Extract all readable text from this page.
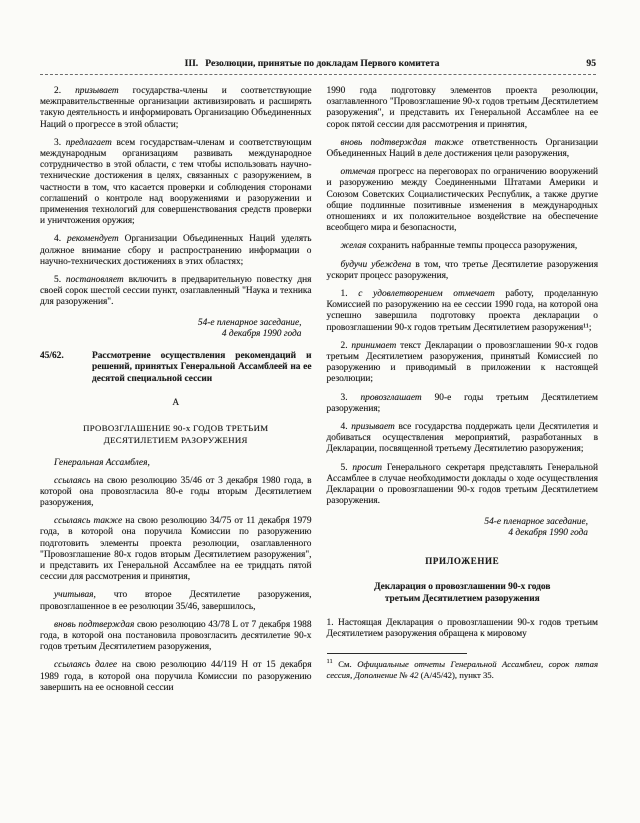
III. Резолюции, принятые по докладам Первого комитета	95

2. призывает государства-члены и соответствующие межправительственные организации активизировать и расширять такую деятельность и информировать Организацию Объединенных Наций о прогрессе в этой области;

3. предлагает всем государствам-членам и соответствующим международным организациям развивать международное сотрудничество в этой области, с тем чтобы использовать научно-технические достижения в целях, связанных с разоружением, в частности в том, что касается проверки и соблюдения сторонами соглашений о контроле над вооружениями и разоружении и применения технологий для совершенствования средств проверки и уничтожения оружия;

4. рекомендует Организации Объединенных Наций уделять должное внимание сбору и распространению информации о научно-технических достижениях в этих областях;

5. постановляет включить в предварительную повестку дня своей сорок шестой сессии пункт, озаглавленный "Наука и техника для разоружения".

54-е пленарное заседание,
4 декабря 1990 года
45/62.	Рассмотрение осуществления рекомендаций и решений, принятых Генеральной Ассамблеей на ее десятой специальной сессии

А

ПРОВОЗГЛАШЕНИЕ 90-х ГОДОВ ТРЕТЬИМ ДЕСЯТИЛЕТИЕМ РАЗОРУЖЕНИЯ

Генеральная Ассамблея,

ссылаясь на свою резолюцию 35/46 от 3 декабря 1980 года, в которой она провозгласила 80-е годы вторым Десятилетием разоружения,

ссылаясь также на свою резолюцию 34/75 от 11 декабря 1979 года, в которой она поручила Комиссии по разоружению подготовить элементы проекта резолюции, озаглавленного "Провозглашение 80-х годов вторым Десятилетием разоружения", и представить их Генеральной Ассамблее на ее тридцать пятой сессии для рассмотрения и принятия,

учитывая, что второе Десятилетие разоружения, провозглашенное в ее резолюции 35/46, завершилось,

вновь подтверждая свою резолюцию 43/78 L от 7 декабря 1988 года, в которой она постановила провозгласить десятилетие 90-х годов третьим Десятилетием разоружения,

ссылаясь далее на свою резолюцию 44/119 H от 15 декабря 1989 года, в которой она поручила Комиссии по разоружению завершить на ее основной сессии

1990 года подготовку элементов проекта резолюции, озаглавленного "Провозглашение 90-х годов третьим Десятилетием разоружения", и представить их Генеральной Ассамблее на ее сорок пятой сессии для рассмотрения и принятия,

вновь подтверждая также ответственность Организации Объединенных Наций в деле достижения цели разоружения,

отмечая прогресс на переговорах по ограничению вооружений и разоружению между Соединенными Штатами Америки и Союзом Советских Социалистических Республик, а также другие общие подлинные позитивные изменения в международных отношениях и их положительное воздействие на обеспечение всеобщего мира и безопасности,

желая сохранить набранные темпы процесса разоружения,

будучи убеждена в том, что третье Десятилетие разоружения ускорит процесс разоружения,

1. с удовлетворением отмечает работу, проделанную Комиссией по разоружению на ее сессии 1990 года, на которой она успешно завершила подготовку проекта декларации о провозглашении 90-х годов третьим Десятилетием разоружения¹¹;

2. принимает текст Декларации о провозглашении 90-х годов третьим Десятилетием разоружения, принятый Комиссией по разоружению и приводимый в приложении к настоящей резолюции;

3. провозглашает 90-е годы третьим Десятилетием разоружения;

4. призывает все государства поддержать цели Десятилетия и добиваться осуществления мероприятий, разработанных в Декларации, посвященной третьему Десятилетию разоружения;

5. просит Генерального секретаря представлять Генеральной Ассамблее в случае необходимости доклады о ходе осуществления Декларации о провозглашении 90-х годов третьим Десятилетием разоружения.

54-е пленарное заседание,
4 декабря 1990 года

ПРИЛОЖЕНИЕ

Декларация о провозглашении 90-х годов третьим Десятилетием разоружения

1. Настоящая Декларация о провозглашении 90-х годов третьим Десятилетием разоружения обращена к мировому

$^{11}$ См. Официальные отчеты Генеральной Ассамблеи, сорок пятая сессия, Дополнение № 42 (А/45/42), пункт 35.
